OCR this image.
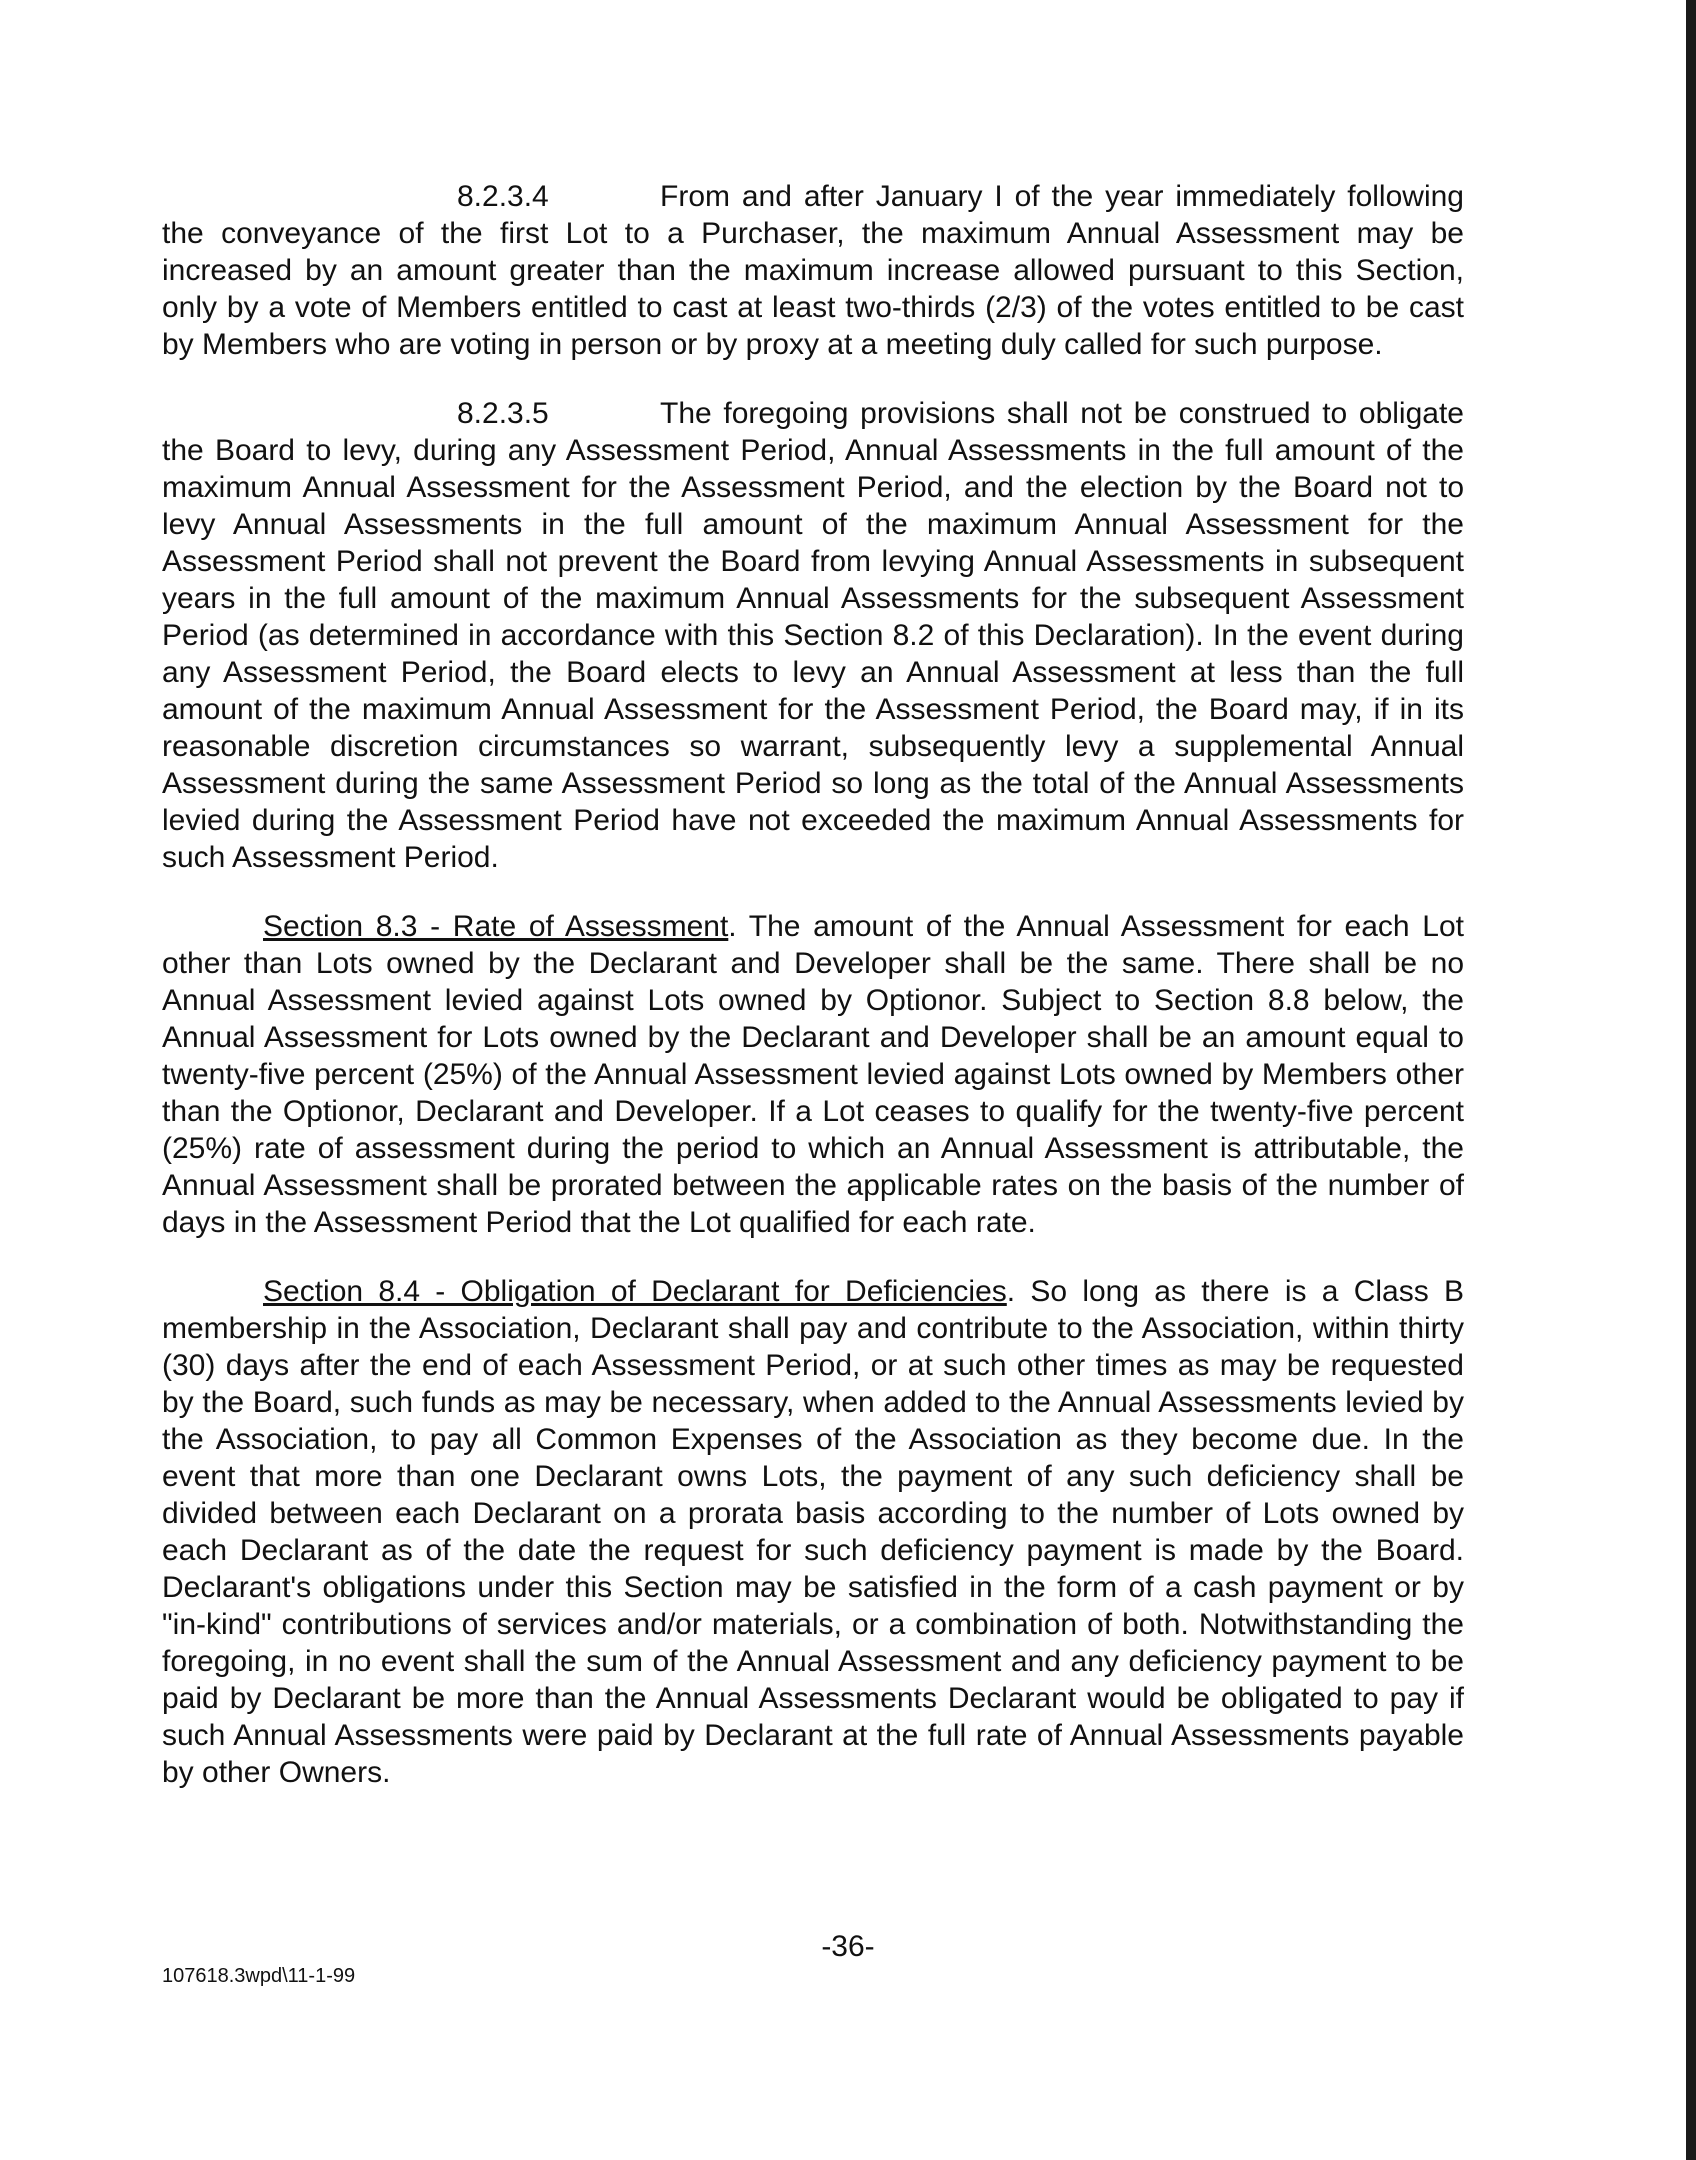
8.2.3.4	From and after January I of the year immediately following the conveyance of the first Lot to a Purchaser, the maximum Annual Assessment may be increased by an amount greater than the maximum increase allowed pursuant to this Section, only by a vote of Members entitled to cast at least two-thirds (2/3) of the votes entitled to be cast by Members who are voting in person or by proxy at a meeting duly called for such purpose.

8.2.3.5	The foregoing provisions shall not be construed to obligate the Board to levy, during any Assessment Period, Annual Assessments in the full amount of the maximum Annual Assessment for the Assessment Period, and the election by the Board not to levy Annual Assessments in the full amount of the maximum Annual Assessment for the Assessment Period shall not prevent the Board from levying Annual Assessments in subsequent years in the full amount of the maximum Annual Assessments for the subsequent Assessment Period (as determined in accordance with this Section 8.2 of this Declaration). In the event during any Assessment Period, the Board elects to levy an Annual Assessment at less than the full amount of the maximum Annual Assessment for the Assessment Period, the Board may, if in its reasonable discretion circumstances so warrant, subsequently levy a supplemental Annual Assessment during the same Assessment Period so long as the total of the Annual Assessments levied during the Assessment Period have not exceeded the maximum Annual Assessments for such Assessment Period.

Section 8.3 - Rate of Assessment. The amount of the Annual Assessment for each Lot other than Lots owned by the Declarant and Developer shall be the same. There shall be no Annual Assessment levied against Lots owned by Optionor. Subject to Section 8.8 below, the Annual Assessment for Lots owned by the Declarant and Developer shall be an amount equal to twenty-five percent (25%) of the Annual Assessment levied against Lots owned by Members other than the Optionor, Declarant and Developer. If a Lot ceases to qualify for the twenty-five percent (25%) rate of assessment during the period to which an Annual Assessment is attributable, the Annual Assessment shall be prorated between the applicable rates on the basis of the number of days in the Assessment Period that the Lot qualified for each rate.

Section 8.4 - Obligation of Declarant for Deficiencies. So long as there is a Class B membership in the Association, Declarant shall pay and contribute to the Association, within thirty (30) days after the end of each Assessment Period, or at such other times as may be requested by the Board, such funds as may be necessary, when added to the Annual Assessments levied by the Association, to pay all Common Expenses of the Association as they become due. In the event that more than one Declarant owns Lots, the payment of any such deficiency shall be divided between each Declarant on a prorata basis according to the number of Lots owned by each Declarant as of the date the request for such deficiency payment is made by the Board. Declarant's obligations under this Section may be satisfied in the form of a cash payment or by "in-kind" contributions of services and/or materials, or a combination of both. Notwithstanding the foregoing, in no event shall the sum of the Annual Assessment and any deficiency payment to be paid by Declarant be more than the Annual Assessments Declarant would be obligated to pay if such Annual Assessments were paid by Declarant at the full rate of Annual Assessments payable by other Owners.

-36-
107618.3wpd\11-1-99
